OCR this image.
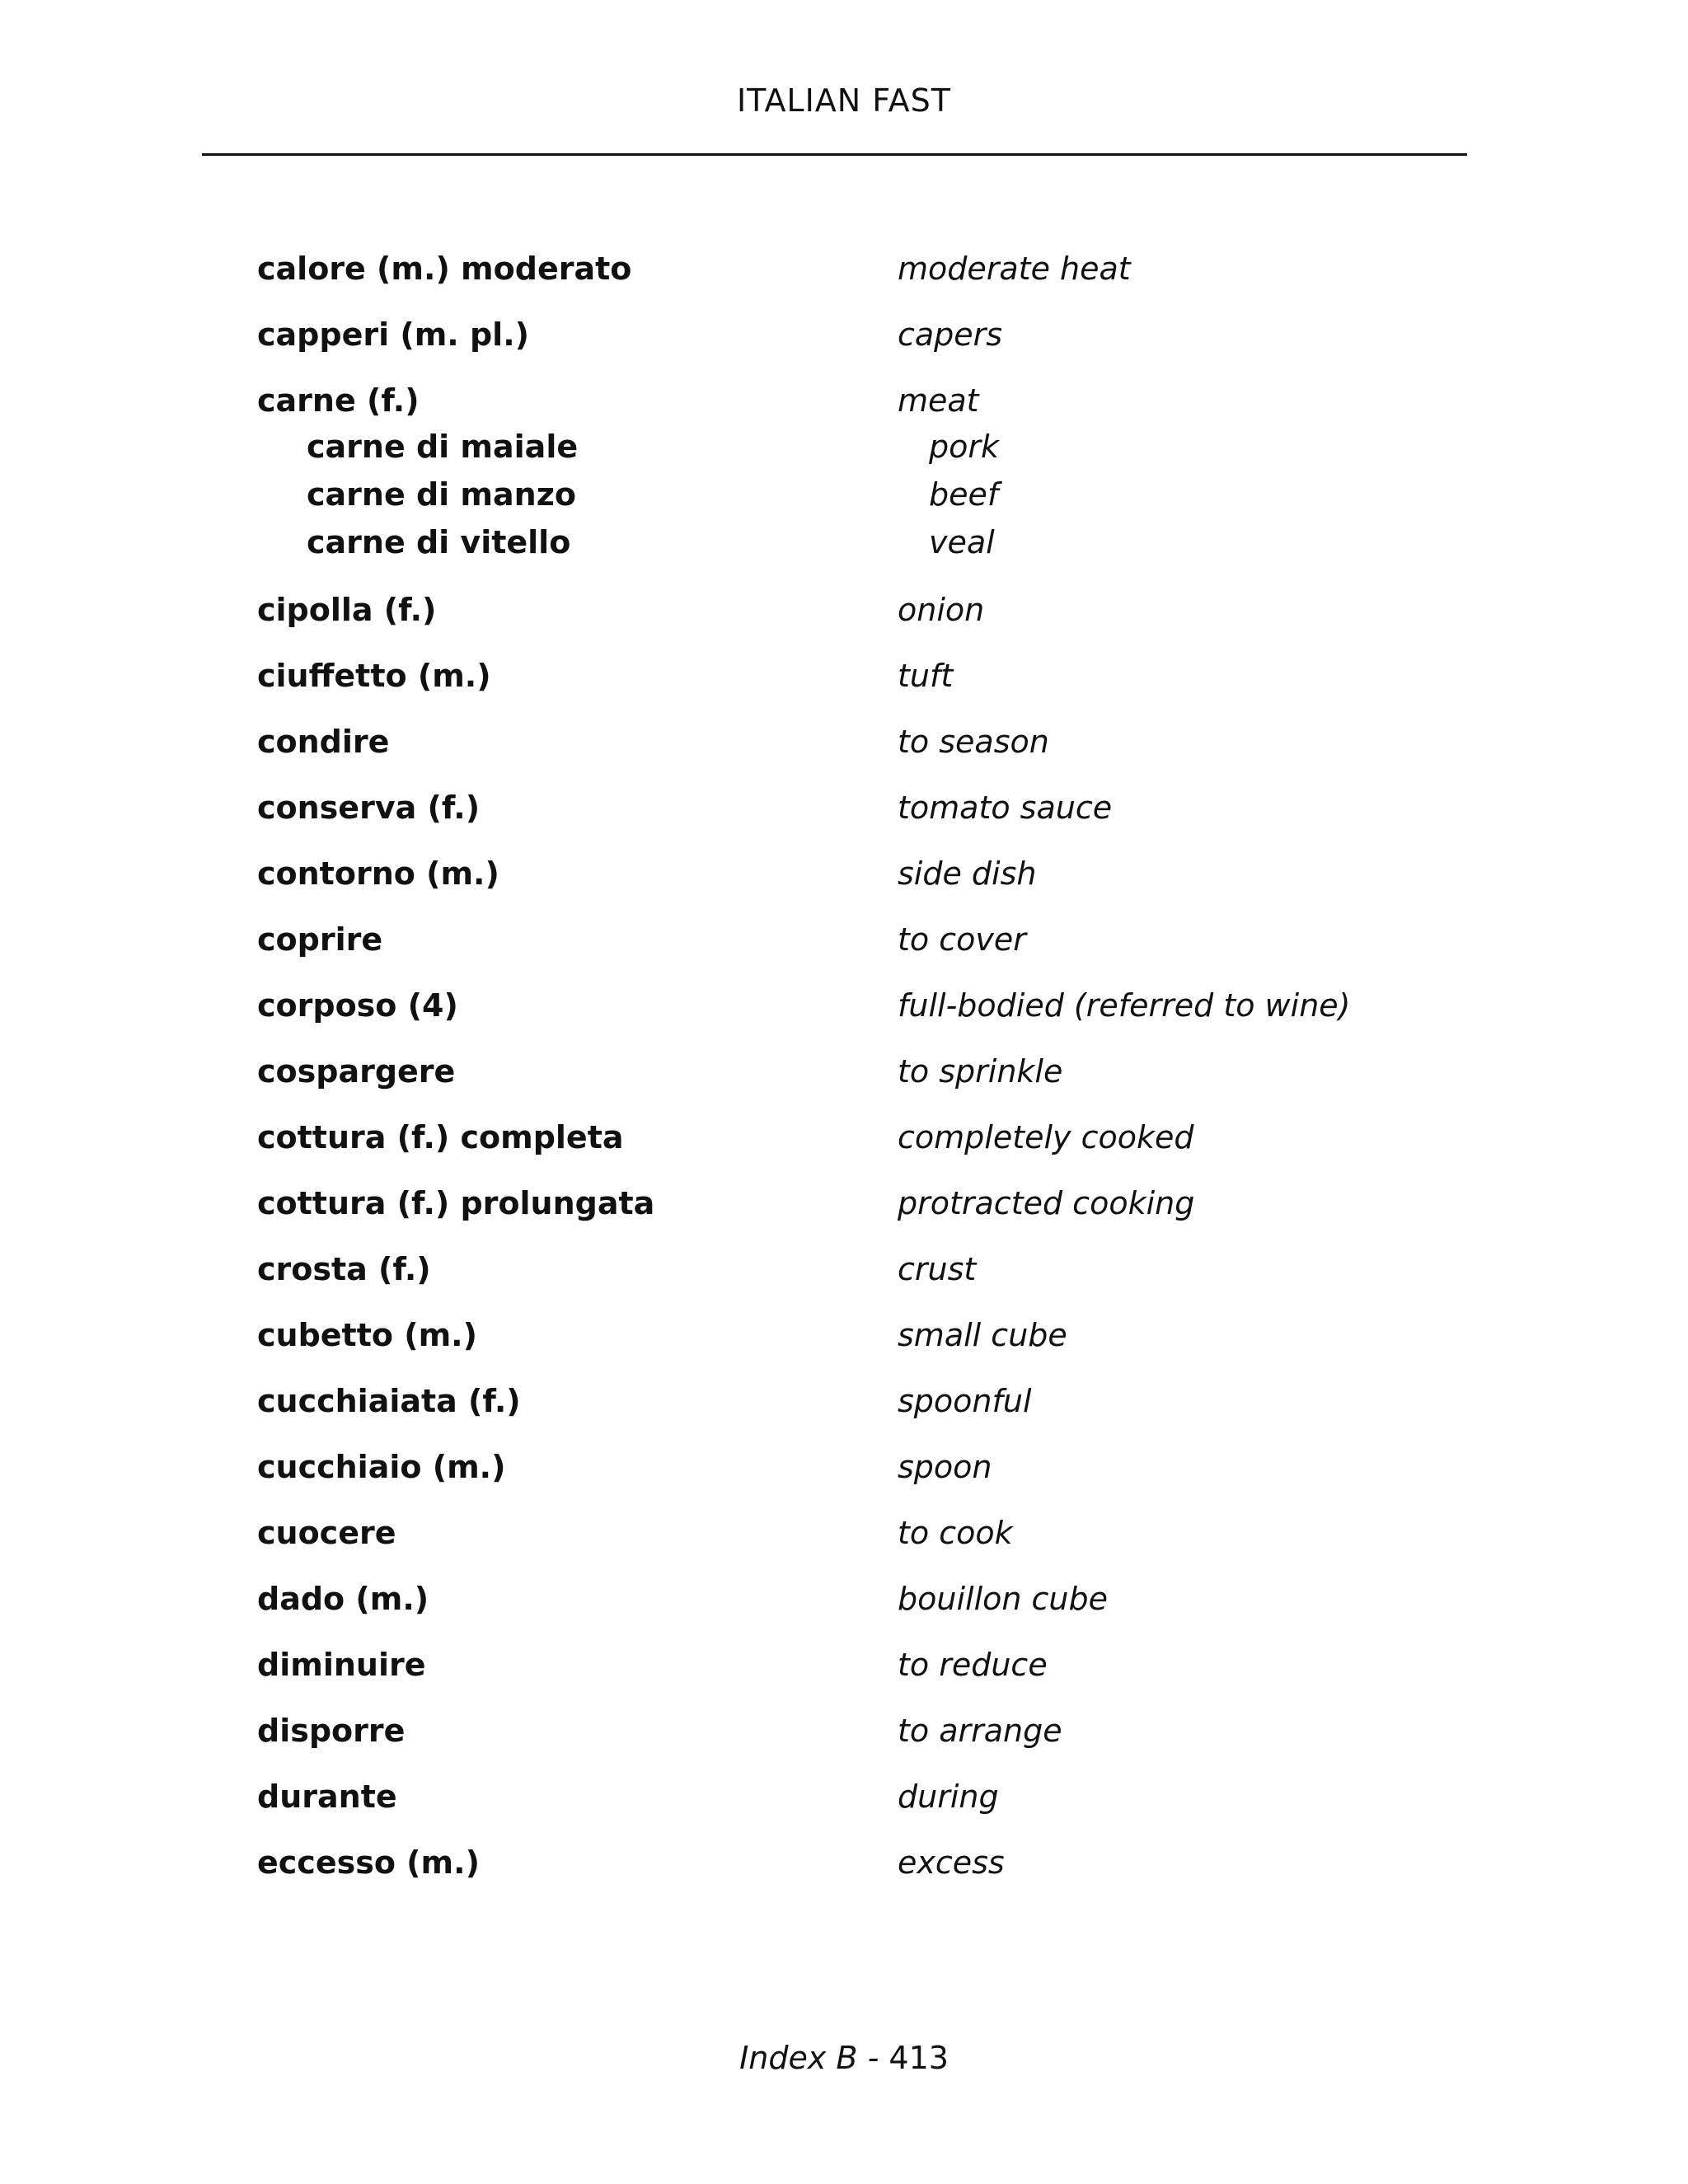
ITALIAN FAST
calore (m.) moderato	moderate heat
capperi (m. pl.)	capers
carne (f.)	meat
carne di maiale	pork
carne di manzo	beef
carne di vitello	veal
cipolla (f.)	onion
ciuffetto (m.)	tuft
condire	to season
conserva (f.)	tomato sauce
contorno (m.)	side dish
coprire	to cover
corposo (4)	full-bodied (referred to wine)
cospargere	to sprinkle
cottura (f.) completa	completely cooked
cottura (f.) prolungata	protracted cooking
crosta (f.)	crust
cubetto (m.)	small cube
cucchiaiata (f.)	spoonful
cucchiaio (m.)	spoon
cuocere	to cook
dado (m.)	bouillon cube
diminuire	to reduce
disporre	to arrange
durante	during
eccesso (m.)	excess
Index B - 413
